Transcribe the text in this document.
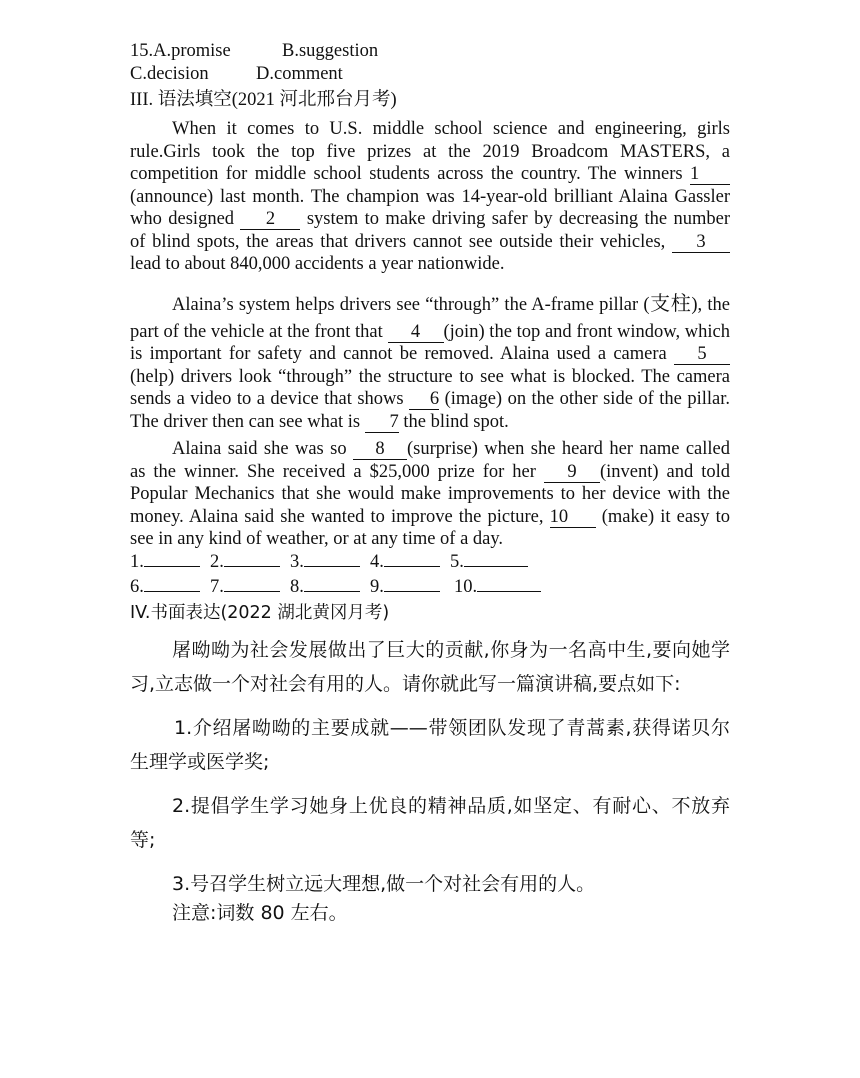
15.A.promise	B.suggestion
C.decision	D.comment
III. 语法填空(2021 河北邢台月考)

When it comes to U.S. middle school science and engineering, girls rule.Girls took the top five prizes at the 2019 Broadcom MASTERS, a competition for middle school students across the country. The winners 1 (announce) last month. The champion was 14-year-old brilliant Alaina Gassler who designed 2 system to make driving safer by decreasing the number of blind spots, the areas that drivers cannot see outside their vehicles, 3 lead to about 840,000 accidents a year nationwide.

Alaina’s system helps drivers see “through” the A-frame pillar (支柱), the part of the vehicle at the front that 4 (join) the top and front window, which is important for safety and cannot be removed. Alaina used a camera 5 (help) drivers look “through” the structure to see what is blocked. The camera sends a video to a device that shows 6 (image) on the other side of the pillar. The driver then can see what is 7 the blind spot.

Alaina said she was so 8 (surprise) when she heard her name called as the winner. She received a $25,000 prize for her 9 (invent) and told Popular Mechanics that she would make improvements to her device with the money. Alaina said she wanted to improve the picture, 10 (make) it easy to see in any kind of weather, or at any time of a day.

1.	2.	3.	4.	5.
6.	7.	8.	9.	10.
IV.书面表达(2022 湖北黄冈月考)

屠呦呦为社会发展做出了巨大的贡献,你身为一名高中生,要向她学习,立志做一个对社会有用的人。请你就此写一篇演讲稿,要点如下:

1.介绍屠呦呦的主要成就——带领团队发现了青蒿素,获得诺贝尔生理学或医学奖;

2.提倡学生学习她身上优良的精神品质,如坚定、有耐心、不放弃等;

3.号召学生树立远大理想,做一个对社会有用的人。

注意:词数 80 左右。
